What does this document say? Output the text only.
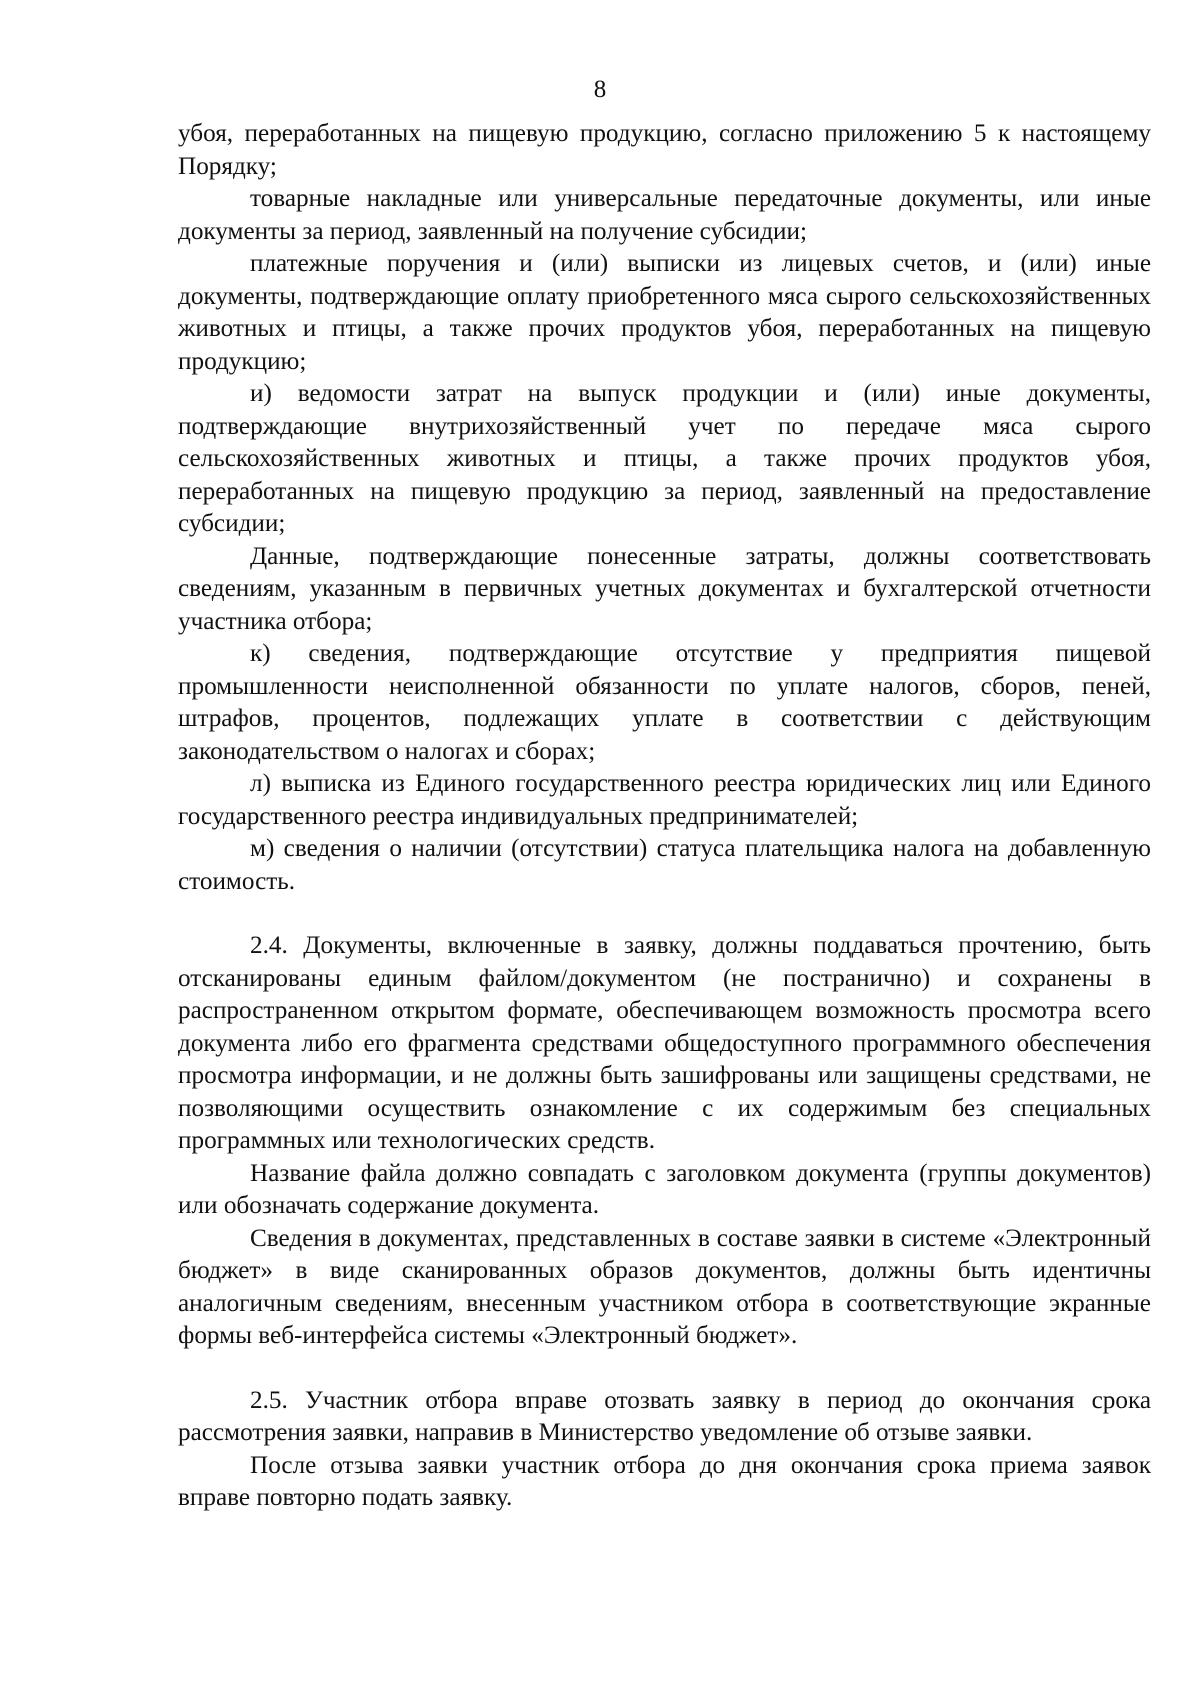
8

убоя, переработанных на пищевую продукцию, согласно приложению 5 к настоящему Порядку;

товарные накладные или универсальные передаточные документы, или иные документы за период, заявленный на получение субсидии;

платежные поручения и (или) выписки из лицевых счетов, и (или) иные документы, подтверждающие оплату приобретенного мяса сырого сельскохозяйственных животных и птицы, а также прочих продуктов убоя, переработанных на пищевую продукцию;

и) ведомости затрат на выпуск продукции и (или) иные документы, подтверждающие внутрихозяйственный учет по передаче мяса сырого сельскохозяйственных животных и птицы, а также прочих продуктов убоя, переработанных на пищевую продукцию за период, заявленный на предоставление субсидии;

Данные, подтверждающие понесенные затраты, должны соответствовать сведениям, указанным в первичных учетных документах и бухгалтерской отчетности участника отбора;

к) сведения, подтверждающие отсутствие у предприятия пищевой промышленности неисполненной обязанности по уплате налогов, сборов, пеней, штрафов, процентов, подлежащих уплате в соответствии с действующим законодательством о налогах и сборах;

л) выписка из Единого государственного реестра юридических лиц или Единого государственного реестра индивидуальных предпринимателей;

м) сведения о наличии (отсутствии) статуса плательщика налога на добавленную стоимость.

2.4. Документы, включенные в заявку, должны поддаваться прочтению, быть отсканированы единым файлом/документом (не постранично) и сохранены в распространенном открытом формате, обеспечивающем возможность просмотра всего документа либо его фрагмента средствами общедоступного программного обеспечения просмотра информации, и не должны быть зашифрованы или защищены средствами, не позволяющими осуществить ознакомление с их содержимым без специальных программных или технологических средств.

Название файла должно совпадать с заголовком документа (группы документов) или обозначать содержание документа.

Сведения в документах, представленных в составе заявки в системе «Электронный бюджет» в виде сканированных образов документов, должны быть идентичны аналогичным сведениям, внесенным участником отбора в соответствующие экранные формы веб-интерфейса системы «Электронный бюджет».

2.5. Участник отбора вправе отозвать заявку в период до окончания срока рассмотрения заявки, направив в Министерство уведомление об отзыве заявки.

После отзыва заявки участник отбора до дня окончания срока приема заявок вправе повторно подать заявку.
